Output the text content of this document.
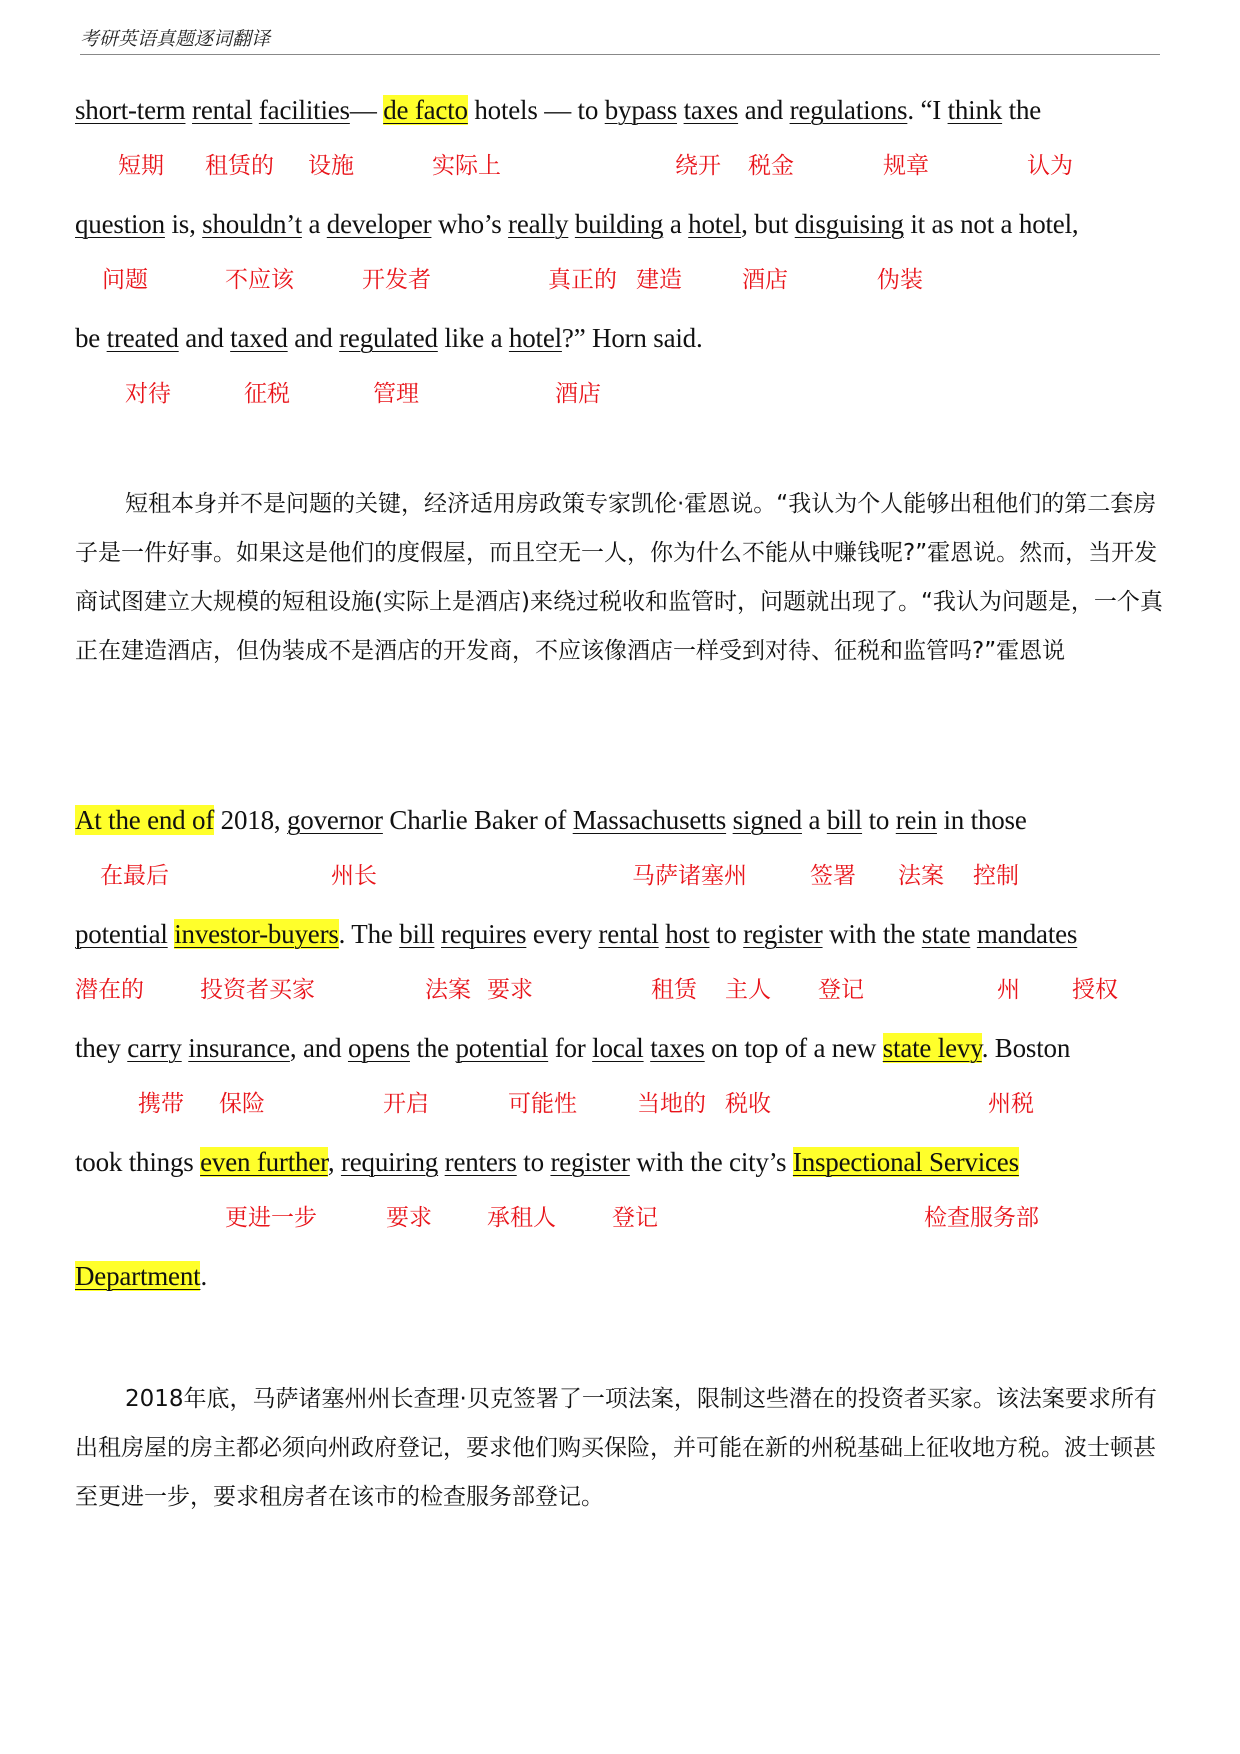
考研英语真题逐词翻译
short-term rental facilities— de facto hotels — to bypass taxes and regulations. “I think the
question is, shouldn’t a developer who’s really building a hotel, but disguising it as not a hotel,
be treated and taxed and regulated like a hotel?” Horn said.
短期 租赁的 设施	实际上	绕开 税金	规章	认为
问题	不应该	开发者	真正的 建造	酒店	伪装
对待	征税	管理	酒店
短租本身并不是问题的关键，经济适用房政策专家凯伦·霍恩说。“我认为个人能够出租他们的第二套房子是一件好事。如果这是他们的度假屋，而且空无一人，你为什么不能从中赚钱呢?”霍恩说。然而，当开发商试图建立大规模的短租设施(实际上是酒店)来绕过税收和监管时，问题就出现了。“我认为问题是，一个真正在建造酒店，但伪装成不是酒店的开发商，不应该像酒店一样受到对待、征税和监管吗?”霍恩说
At the end of 2018, governor Charlie Baker of Massachusetts signed a bill to rein in those
potential investor-buyers. The bill requires every rental host to register with the state mandates
they carry insurance, and opens the potential for local taxes on top of a new state levy. Boston
took things even further, requiring renters to register with the city’s Inspectional Services
Department.
在最后	州长	马萨诸塞州	签署 法案 控制
潜在的 投资者买家	法案 要求	租赁 主人 登记	州 授权
携带 保险	开启	可能性	当地的 税收	州税
更进一步	要求 承租人 登记	检查服务部
2018年底，马萨诸塞州州长查理·贝克签署了一项法案，限制这些潜在的投资者买家。该法案要求所有出租房屋的房主都必须向州政府登记，要求他们购买保险，并可能在新的州税基础上征收地方税。波士顿甚至更进一步，要求租房者在该市的检查服务部登记。
